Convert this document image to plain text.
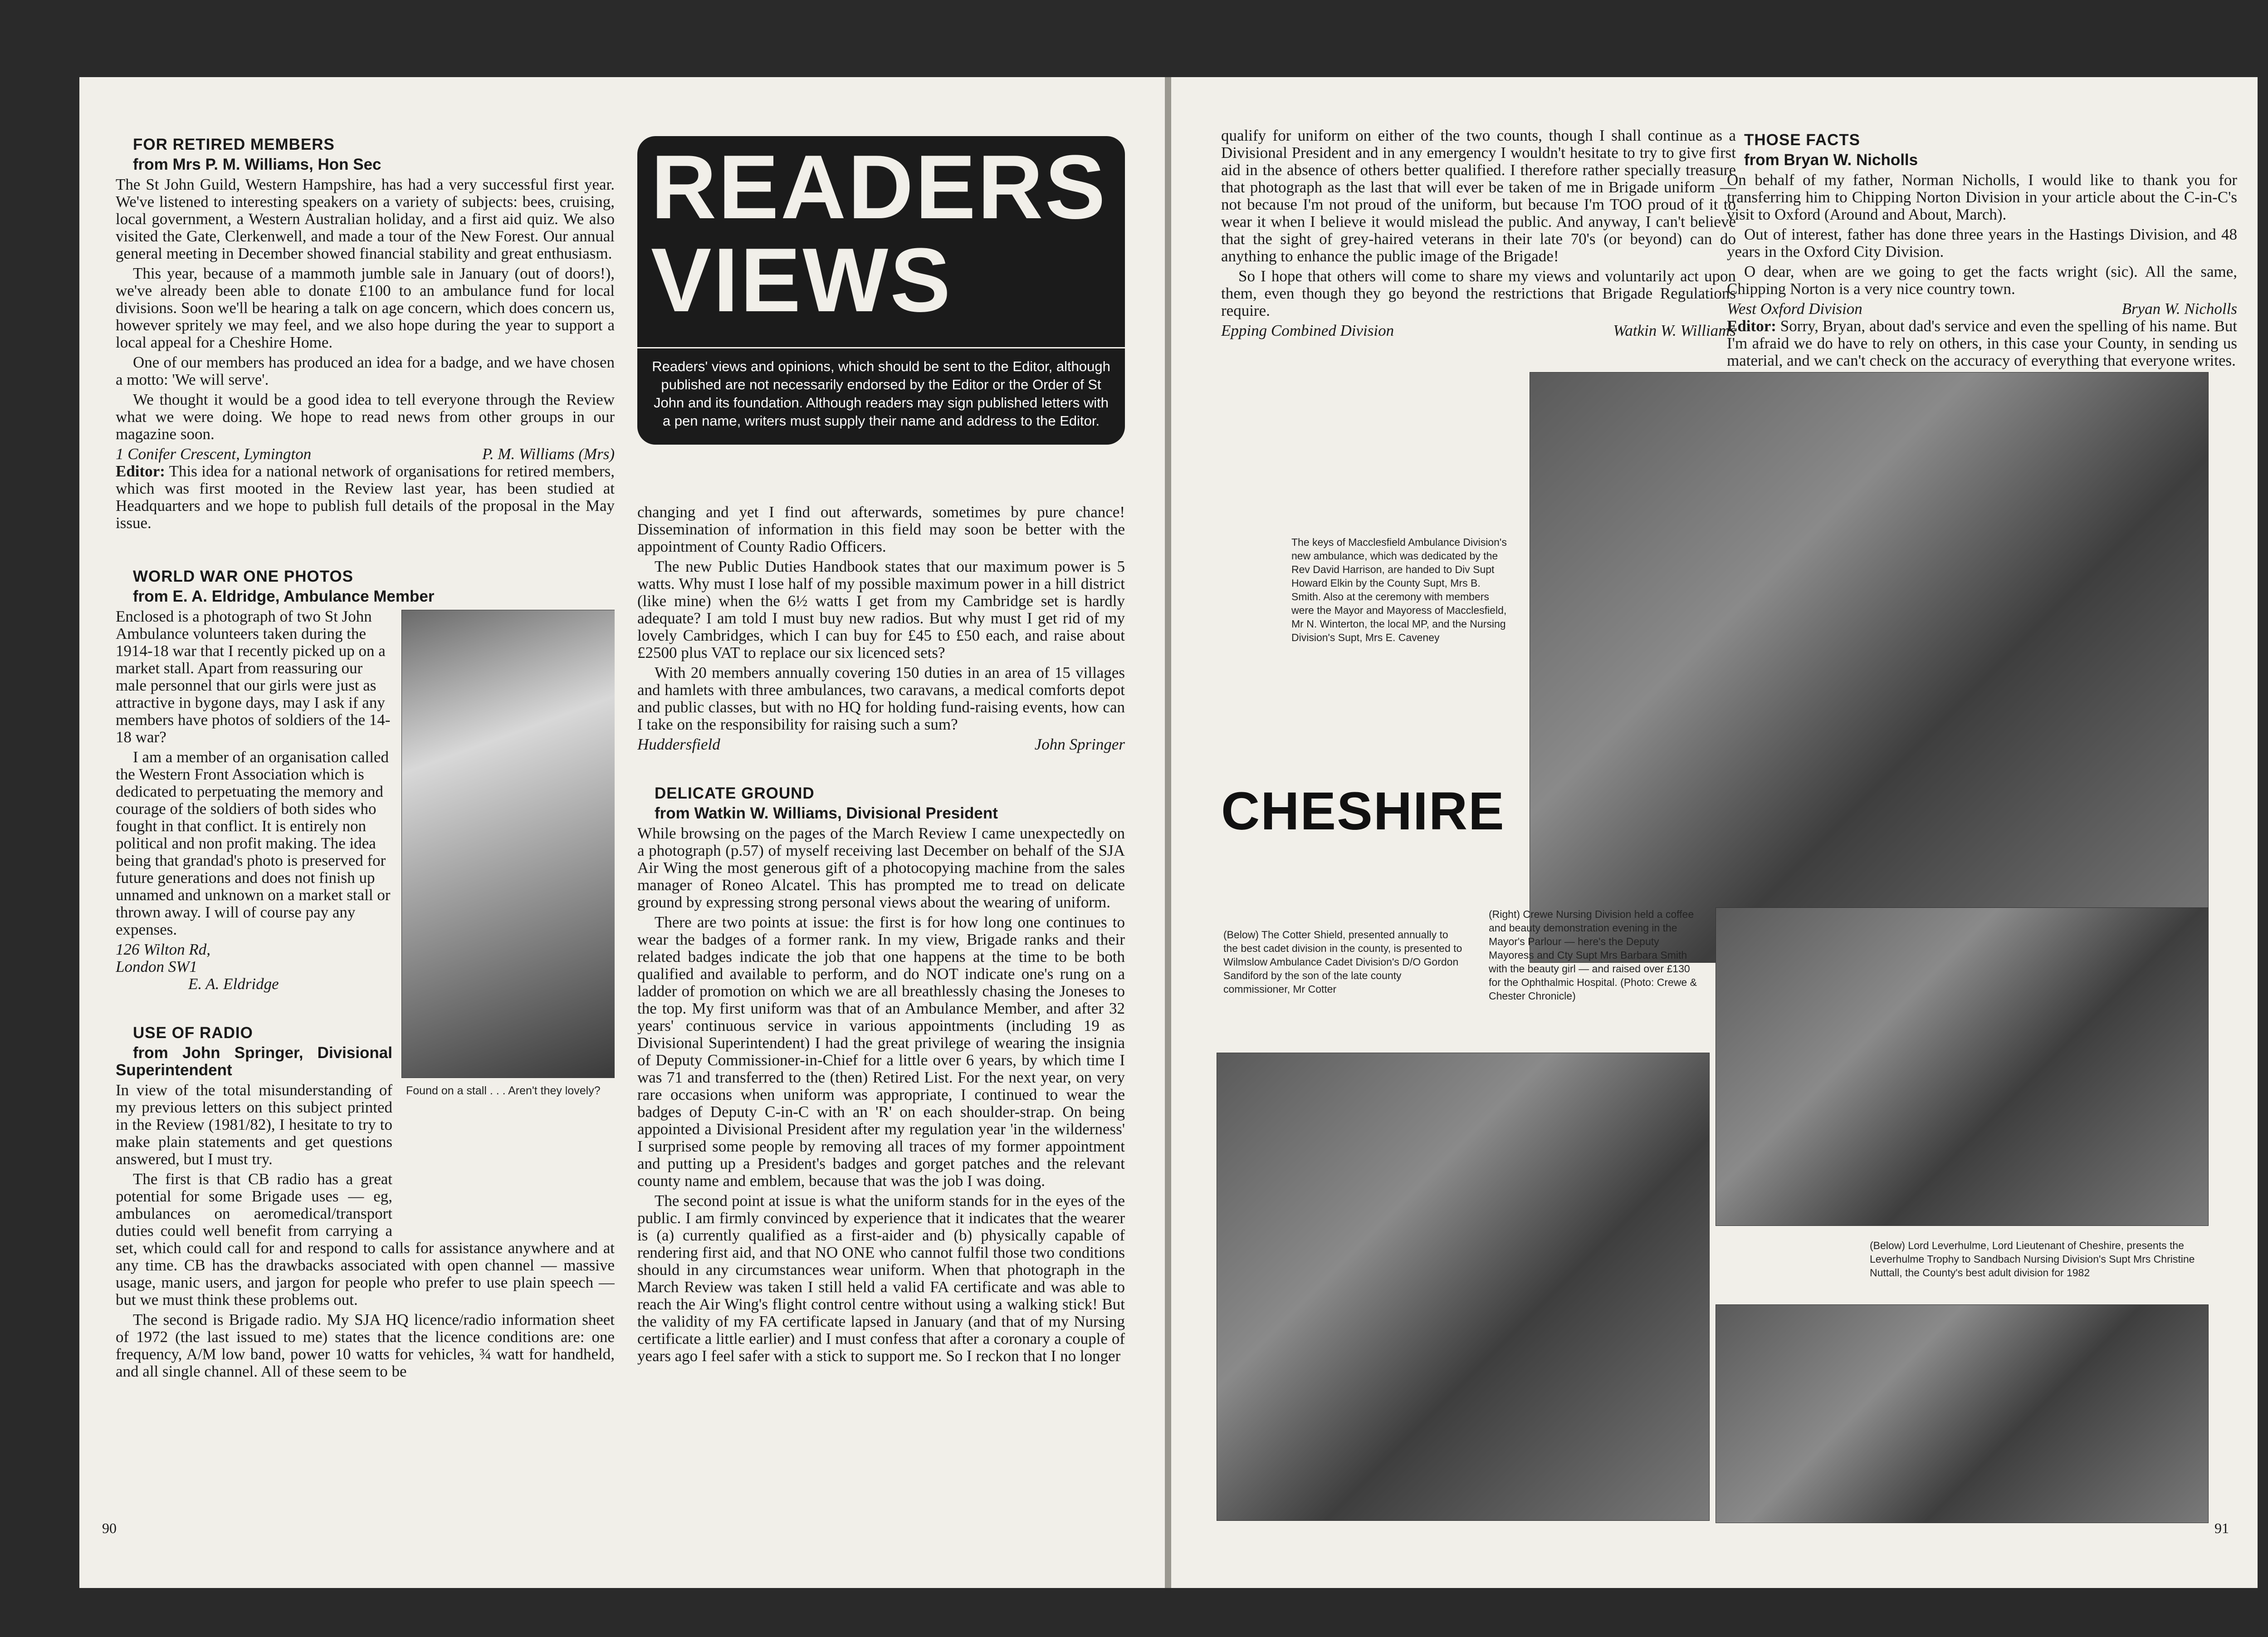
FOR RETIRED MEMBERS

from Mrs P. M. Williams, Hon Sec

The St John Guild, Western Hampshire, has had a very successful first year. We've listened to interesting speakers on a variety of subjects: bees, cruising, local government, a Western Australian holiday, and a first aid quiz. We also visited the Gate, Clerkenwell, and made a tour of the New Forest. Our annual general meeting in December showed financial stability and great enthusiasm.

This year, because of a mammoth jumble sale in January (out of doors!), we've already been able to donate £100 to an ambulance fund for local divisions. Soon we'll be hearing a talk on age concern, which does concern us, however spritely we may feel, and we also hope during the year to support a local appeal for a Cheshire Home.

One of our members has produced an idea for a badge, and we have chosen a motto: 'We will serve'.

We thought it would be a good idea to tell everyone through the Review what we were doing. We hope to read news from other groups in our magazine soon.

1 Conifer Crescent, Lymington	P. M. Williams (Mrs)

Editor: This idea for a national network of organisations for retired members, which was first mooted in the Review last year, has been studied at Headquarters and we hope to publish full details of the proposal in the May issue.

WORLD WAR ONE PHOTOS

from E. A. Eldridge, Ambulance Member

Found on a stall . . . Aren't they lovely?

Enclosed is a photograph of two St John Ambulance volunteers taken during the 1914-18 war that I recently picked up on a market stall. Apart from reassuring our male personnel that our girls were just as attractive in bygone days, may I ask if any members have photos of soldiers of the 14-18 war?

I am a member of an organisation called the Western Front Association which is dedicated to perpetuating the memory and courage of the soldiers of both sides who fought in that conflict. It is entirely non political and non profit making. The idea being that grandad's photo is preserved for future generations and does not finish up unnamed and unknown on a market stall or thrown away. I will of course pay any expenses.

126 Wilton Rd,

London SW1

E. A. Eldridge

USE OF RADIO

from John Springer, Divisional Superintendent

In view of the total misunderstanding of my previous letters on this subject printed in the Review (1981/82), I hesitate to try to make plain statements and get questions answered, but I must try.

The first is that CB radio has a great potential for some Brigade uses — eg, ambulances on aeromedical/transport duties could well benefit from carrying a set, which could call for and respond to calls for assistance anywhere and at any time. CB has the drawbacks associated with open channel — massive usage, manic users, and jargon for people who prefer to use plain speech — but we must think these problems out.

The second is Brigade radio. My SJA HQ licence/radio information sheet of 1972 (the last issued to me) states that the licence conditions are: one frequency, A/M low band, power 10 watts for vehicles, ¾ watt for handheld, and all single channel. All of these seem to be

READERS VIEWS
Readers' views and opinions, which should be sent to the Editor, although published are not necessarily endorsed by the Editor or the Order of St John and its foundation. Although readers may sign published letters with a pen name, writers must supply their name and address to the Editor.

changing and yet I find out afterwards, sometimes by pure chance! Dissemination of information in this field may soon be better with the appointment of County Radio Officers.

The new Public Duties Handbook states that our maximum power is 5 watts. Why must I lose half of my possible maximum power in a hill district (like mine) when the 6½ watts I get from my Cambridge set is hardly adequate? I am told I must buy new radios. But why must I get rid of my lovely Cambridges, which I can buy for £45 to £50 each, and raise about £2500 plus VAT to replace our six licenced sets?

With 20 members annually covering 150 duties in an area of 15 villages and hamlets with three ambulances, two caravans, a medical comforts depot and public classes, but with no HQ for holding fund-raising events, how can I take on the responsibility for raising such a sum?

Huddersfield	John Springer

DELICATE GROUND

from Watkin W. Williams, Divisional President

While browsing on the pages of the March Review I came unexpectedly on a photograph (p.57) of myself receiving last December on behalf of the SJA Air Wing the most generous gift of a photocopying machine from the sales manager of Roneo Alcatel. This has prompted me to tread on delicate ground by expressing strong personal views about the wearing of uniform.

There are two points at issue: the first is for how long one continues to wear the badges of a former rank. In my view, Brigade ranks and their related badges indicate the job that one happens at the time to be both qualified and available to perform, and do NOT indicate one's rung on a ladder of promotion on which we are all breathlessly chasing the Joneses to the top. My first uniform was that of an Ambulance Member, and after 32 years' continuous service in various appointments (including 19 as Divisional Superintendent) I had the great privilege of wearing the insignia of Deputy Commissioner-in-Chief for a little over 6 years, by which time I was 71 and transferred to the (then) Retired List. For the next year, on very rare occasions when uniform was appropriate, I continued to wear the badges of Deputy C-in-C with an 'R' on each shoulder-strap. On being appointed a Divisional President after my regulation year 'in the wilderness' I surprised some people by removing all traces of my former appointment and putting up a President's badges and gorget patches and the relevant county name and emblem, because that was the job I was doing.

The second point at issue is what the uniform stands for in the eyes of the public. I am firmly convinced by experience that it indicates that the wearer is (a) currently qualified as a first-aider and (b) physically capable of rendering first aid, and that NO ONE who cannot fulfil those two conditions should in any circumstances wear uniform. When that photograph in the March Review was taken I still held a valid FA certificate and was able to reach the Air Wing's flight control centre without using a walking stick! But the validity of my FA certificate lapsed in January (and that of my Nursing certificate a little earlier) and I must confess that after a coronary a couple of years ago I feel safer with a stick to support me. So I reckon that I no longer

90

qualify for uniform on either of the two counts, though I shall continue as a Divisional President and in any emergency I wouldn't hesitate to try to give first aid in the absence of others better qualified. I therefore rather specially treasure that photograph as the last that will ever be taken of me in Brigade uniform — not because I'm not proud of the uniform, but because I'm TOO proud of it to wear it when I believe it would mislead the public. And anyway, I can't believe that the sight of grey-haired veterans in their late 70's (or beyond) can do anything to enhance the public image of the Brigade!

So I hope that others will come to share my views and voluntarily act upon them, even though they go beyond the restrictions that Brigade Regulations require.

Epping Combined Division	Watkin W. Williams

THOSE FACTS

from Bryan W. Nicholls

On behalf of my father, Norman Nicholls, I would like to thank you for transferring him to Chipping Norton Division in your article about the C-in-C's visit to Oxford (Around and About, March).

Out of interest, father has done three years in the Hastings Division, and 48 years in the Oxford City Division.

O dear, when are we going to get the facts wright (sic). All the same, Chipping Norton is a very nice country town.

West Oxford Division	Bryan W. Nicholls

Editor: Sorry, Bryan, about dad's service and even the spelling of his name. But I'm afraid we do have to rely on others, in this case your County, in sending us material, and we can't check on the accuracy of everything that everyone writes.

The keys of Macclesfield Ambulance Division's new ambulance, which was dedicated by the Rev David Harrison, are handed to Div Supt Howard Elkin by the County Supt, Mrs B. Smith. Also at the ceremony with members were the Mayor and Mayoress of Macclesfield, Mr N. Winterton, the local MP, and the Nursing Division's Supt, Mrs E. Caveney
CHESHIRE
(Right) Crewe Nursing Division held a coffee and beauty demonstration evening in the Mayor's Parlour — here's the Deputy Mayoress and Cty Supt Mrs Barbara Smith with the beauty girl — and raised over £130 for the Ophthalmic Hospital. (Photo: Crewe & Chester Chronicle)
(Below) The Cotter Shield, presented annually to the best cadet division in the county, is presented to Wilmslow Ambulance Cadet Division's D/O Gordon Sandiford by the son of the late county commissioner, Mr Cotter
(Below) Lord Leverhulme, Lord Lieutenant of Cheshire, presents the Leverhulme Trophy to Sandbach Nursing Division's Supt Mrs Christine Nuttall, the County's best adult division for 1982
91
